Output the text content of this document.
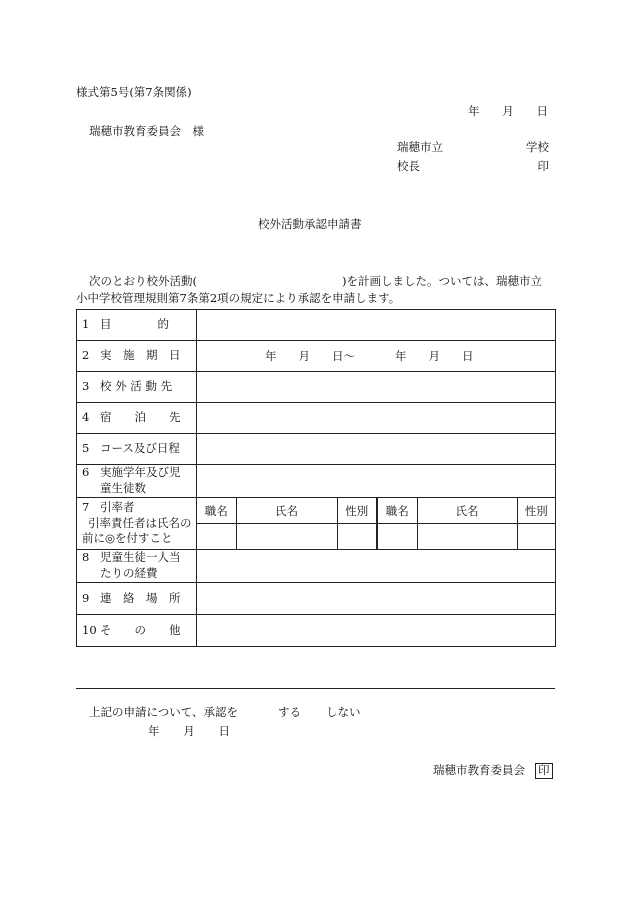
様式第5号(第7条関係)
年 月 日
瑞穂市教育委員会　様
瑞穂市立	学校
校長	印
校外活動承認申請書
次のとおり校外活動(	)を計画しました。ついては、瑞穂市立
小中学校管理規則第7条第2項の規定により承認を申請します。
1 目　　　　的

2 実　施　期　日	年 月 日〜	年 月 日

3 校 外 活 動 先

4 宿　　泊　　先

5 コース及び日程

6 実施学年及び児
童生徒数

7 引率者
引率責任者は氏名の
前に◎を付すこと

職名	氏名	性別	職名	氏名	性別

8 児童生徒一人当
たりの経費

9 連　絡　場　所

10 そ　　の　　他

上記の申請について、承認を	する しない
年 月 日
瑞穂市教育委員会 印
